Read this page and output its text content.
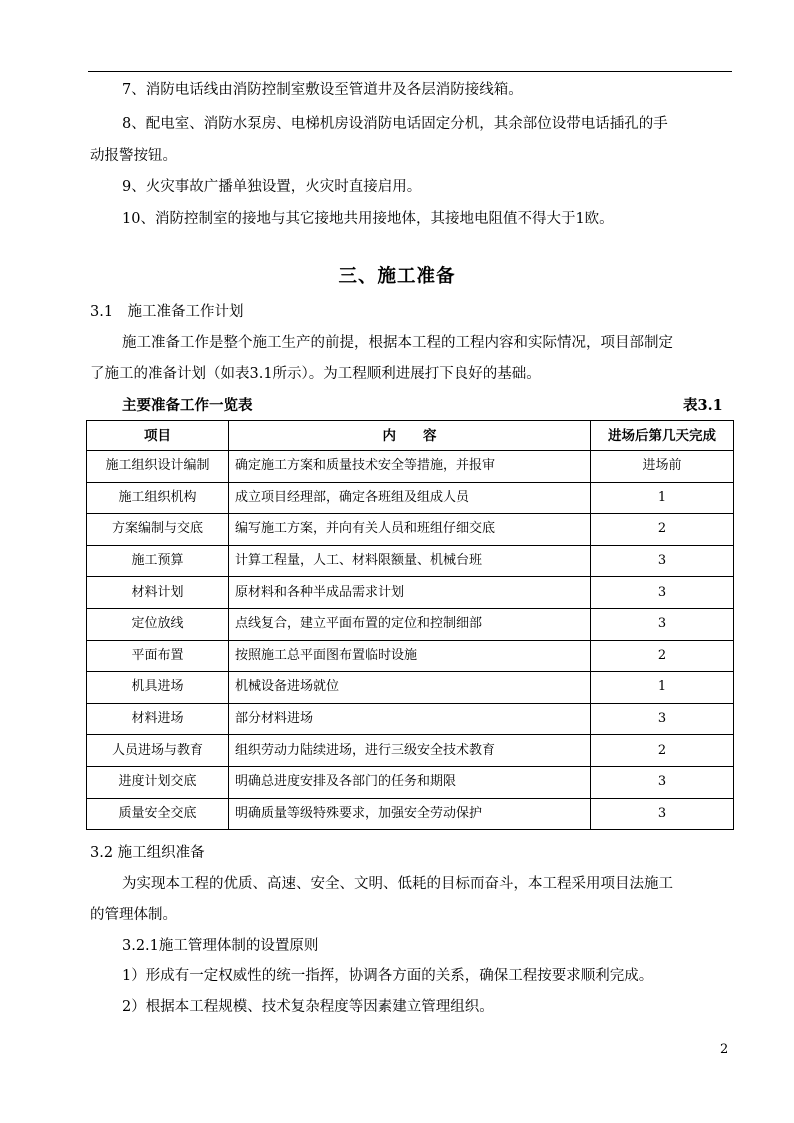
7、消防电话线由消防控制室敷设至管道井及各层消防接线箱。
8、配电室、消防水泵房、电梯机房设消防电话固定分机，其余部位设带电话插孔的手
动报警按钮。
9、火灾事故广播单独设置，火灾时直接启用。
10、消防控制室的接地与其它接地共用接地体，其接地电阻值不得大于1欧。
三、施工准备
3.1　施工准备工作计划
施工准备工作是整个施工生产的前提，根据本工程的工程内容和实际情况，项目部制定
了施工的准备计划（如表3.1所示）。为工程顺利进展打下良好的基础。
主要准备工作一览表	表3.1
项目	内　　容	进场后第几天完成
施工组织设计编制	确定施工方案和质量技术安全等措施，并报审	进场前
施工组织机构	成立项目经理部，确定各班组及组成人员	1
方案编制与交底	编写施工方案，并向有关人员和班组仔细交底	2
施工预算	计算工程量，人工、材料限额量、机械台班	3
材料计划	原材料和各种半成品需求计划	3
定位放线	点线复合，建立平面布置的定位和控制细部	3
平面布置	按照施工总平面图布置临时设施	2
机具进场	机械设备进场就位	1
材料进场	部分材料进场	3
人员进场与教育	组织劳动力陆续进场，进行三级安全技术教育	2
进度计划交底	明确总进度安排及各部门的任务和期限	3
质量安全交底	明确质量等级特殊要求，加强安全劳动保护	3
3.2 施工组织准备
为实现本工程的优质、高速、安全、文明、低耗的目标而奋斗，本工程采用项目法施工
的管理体制。
3.2.1施工管理体制的设置原则
1）形成有一定权威性的统一指挥，协调各方面的关系，确保工程按要求顺利完成。
2）根据本工程规模、技术复杂程度等因素建立管理组织。
2
